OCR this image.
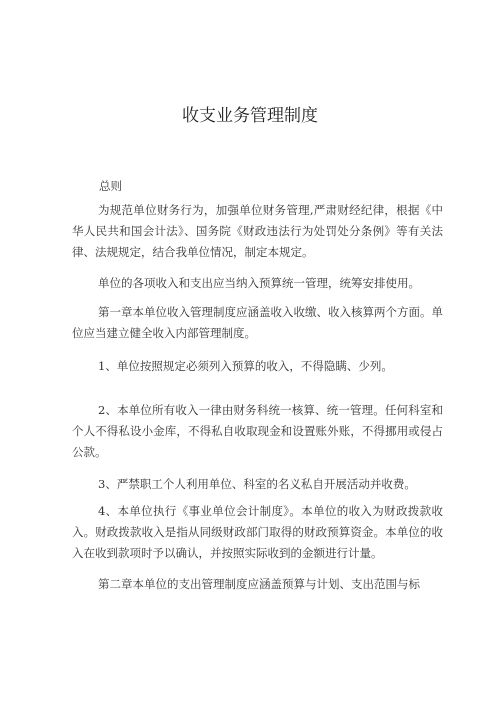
收支业务管理制度
总则
为规范单位财务行为，加强单位财务管理,严肃财经纪律，根据《中华人民共和国会计法》、国务院《财政违法行为处罚处分条例》等有关法律、法规规定，结合我单位情况，制定本规定。
单位的各项收入和支出应当纳入预算统一管理，统筹安排使用。
第一章本单位收入管理制度应涵盖收入收缴、收入核算两个方面。单位应当建立健全收入内部管理制度。
1、单位按照规定必须列入预算的收入，不得隐瞒、少列。
2、本单位所有收入一律由财务科统一核算、统一管理。任何科室和个人不得私设小金库，不得私自收取现金和设置账外账，不得挪用或侵占公款。
3、严禁职工个人利用单位、科室的名义私自开展活动并收费。
4、本单位执行《事业单位会计制度》。本单位的收入为财政拨款收入。财政拨款收入是指从同级财政部门取得的财政预算资金。本单位的收入在收到款项时予以确认，并按照实际收到的金额进行计量。
第二章本单位的支出管理制度应涵盖预算与计划、支出范围与标
